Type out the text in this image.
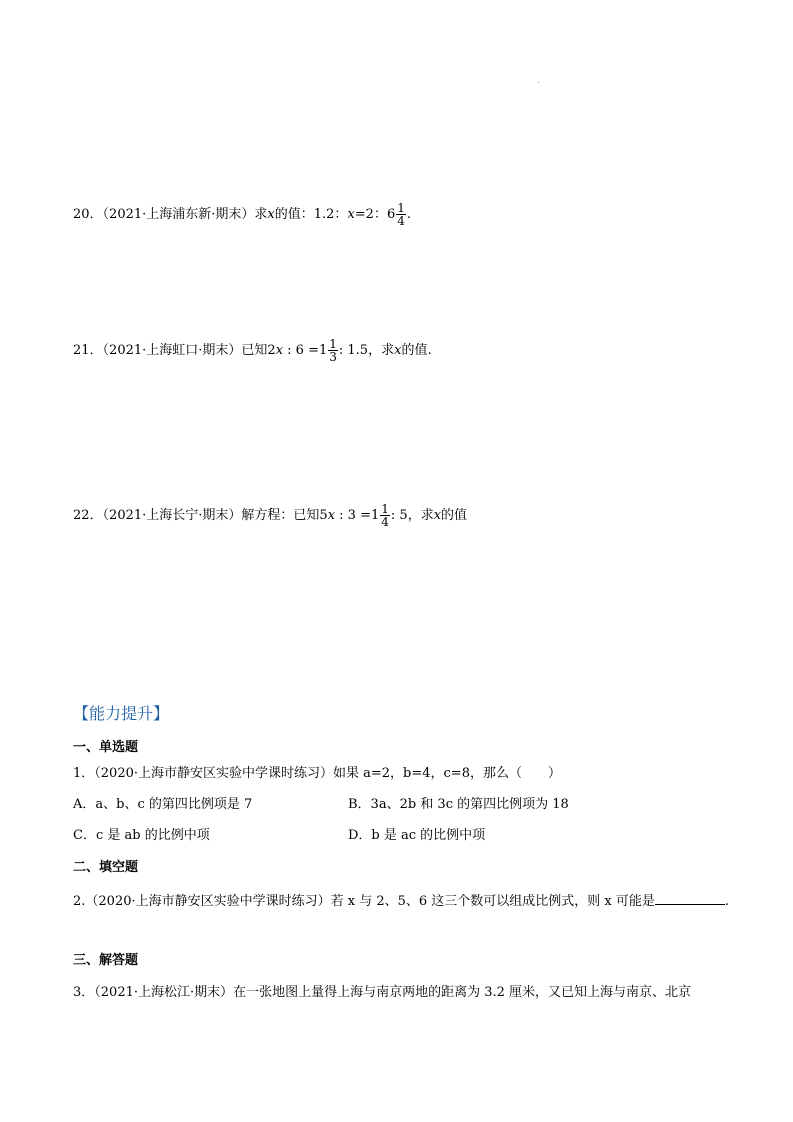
20．（2021·上海浦东新·期末）求x的值：1.2：x=2：$6 \frac{1}{4}$ .
21．（2021·上海虹口·期末）已知2x : $6 =1 \frac{1}{3}$ : 1.5，求x的值.
22．（2021·上海长宁·期末）解方程：已知5x : $3 =1 \frac{1}{4}$ : 5，求x的值
【能力提升】
一、单选题
1．（2020·上海市静安区实验中学课时练习）如果 a=2，b=4，c=8，那么（　　）
A．a、b、c 的第四比例项是 7	B．3a、2b 和 3c 的第四比例项为 18
C．c 是 ab 的比例中项	D．b 是 ac 的比例中项
二、填空题
2.（2020·上海市静安区实验中学课时练习）若 x 与 2、5、6 这三个数可以组成比例式，则 x 可能是	.
三、解答题
3．（2021·上海松江·期末）在一张地图上量得上海与南京两地的距离为 3.2 厘米，又已知上海与南京、北京
